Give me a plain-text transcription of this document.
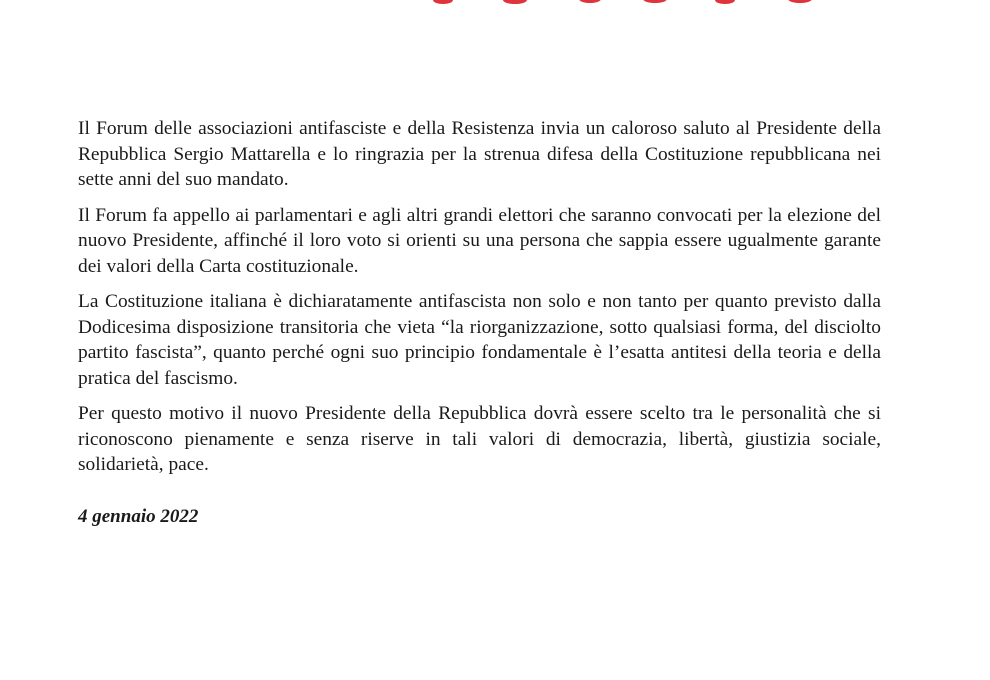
Il Forum delle associazioni antifasciste e della Resistenza invia un caloroso saluto al Presidente della Repubblica Sergio Mattarella e lo ringrazia per la strenua difesa della Costituzione repubblicana nei sette anni del suo mandato.

Il Forum fa appello ai parlamentari e agli altri grandi elettori che saranno convocati per la elezione del nuovo Presidente, affinché il loro voto si orienti su una persona che sappia essere ugualmente garante dei valori della Carta costituzionale.

La Costituzione italiana è dichiaratamente antifascista non solo e non tanto per quanto previsto dalla Dodicesima disposizione transitoria che vieta “la riorganizzazione, sotto qualsiasi forma, del disciolto partito fascista”, quanto perché ogni suo principio fondamentale è l’esatta antitesi della teoria e della pratica del fascismo.

Per questo motivo il nuovo Presidente della Repubblica dovrà essere scelto tra le personalità che si riconoscono pienamente e senza riserve in tali valori di democrazia, libertà, giustizia sociale, solidarietà, pace.

4 gennaio 2022
